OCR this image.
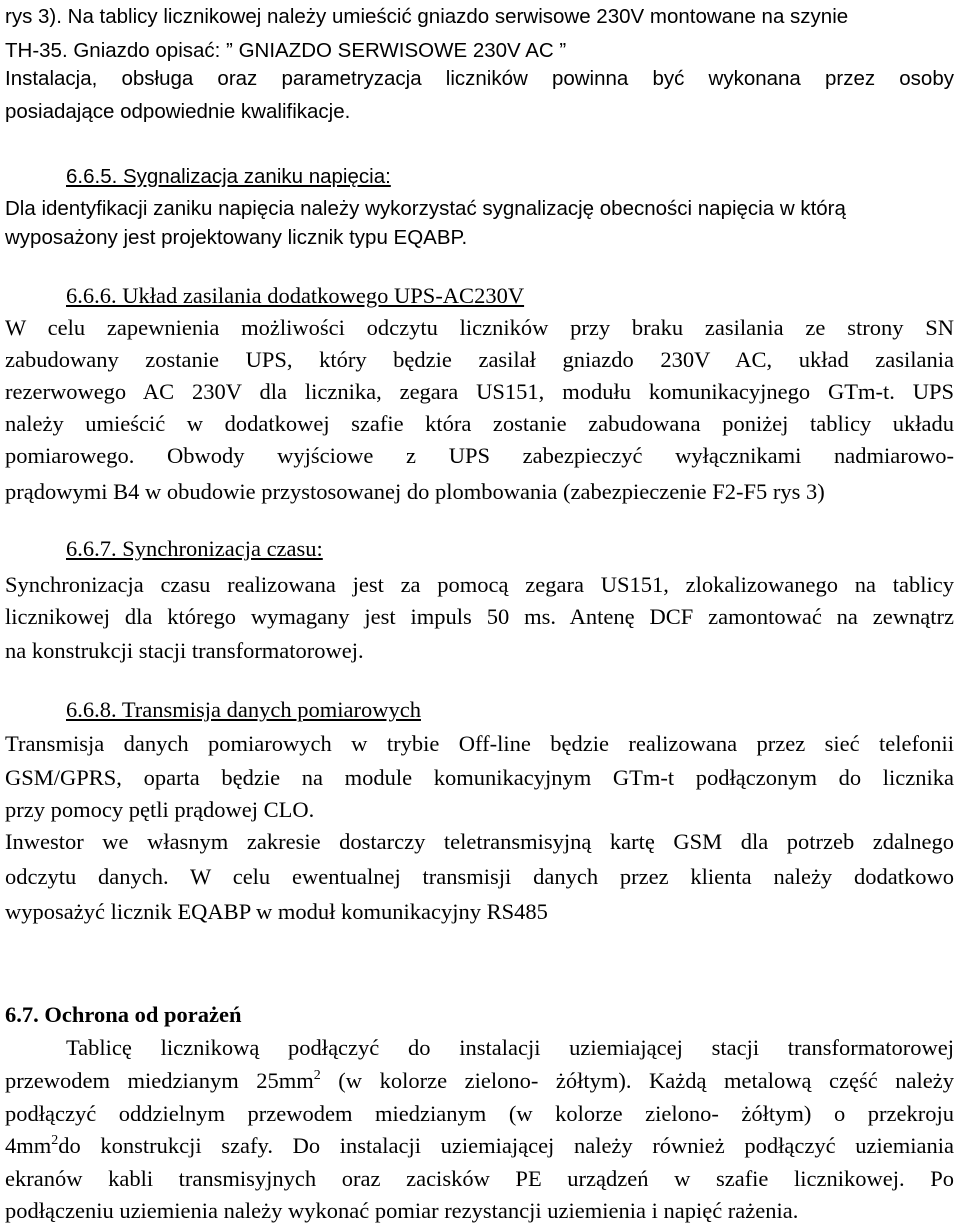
rys 3). Na tablicy licznikowej należy umieścić gniazdo serwisowe 230V montowane na szynie
TH-35. Gniazdo opisać: ” GNIAZDO SERWISOWE 230V AC ”
Instalacja, obsługa oraz parametryzacja liczników powinna być wykonana przez osoby
posiadające odpowiednie kwalifikacje.
6.6.5. Sygnalizacja zaniku napięcia:
Dla identyfikacji zaniku napięcia należy wykorzystać sygnalizację obecności napięcia w którą
wyposażony jest projektowany licznik typu EQABP.
6.6.6. Układ zasilania dodatkowego UPS-AC230V
W celu zapewnienia możliwości odczytu liczników przy braku zasilania ze strony SN
zabudowany zostanie UPS, który będzie zasilał gniazdo 230V AC, układ zasilania
rezerwowego AC 230V dla licznika, zegara US151, modułu komunikacyjnego GTm-t. UPS
należy umieścić w dodatkowej szafie która zostanie zabudowana poniżej tablicy układu
pomiarowego. Obwody wyjściowe z UPS zabezpieczyć wyłącznikami nadmiarowo-
prądowymi B4 w obudowie przystosowanej do plombowania (zabezpieczenie F2-F5 rys 3)
6.6.7. Synchronizacja czasu:
Synchronizacja czasu realizowana jest za pomocą zegara US151, zlokalizowanego na tablicy
licznikowej dla którego wymagany jest impuls 50 ms. Antenę DCF zamontować na zewnątrz
na konstrukcji stacji transformatorowej.
6.6.8. Transmisja danych pomiarowych
Transmisja danych pomiarowych w trybie Off-line będzie realizowana przez sieć telefonii
GSM/GPRS, oparta będzie na module komunikacyjnym GTm-t podłączonym do licznika
przy pomocy pętli prądowej CLO.
Inwestor we własnym zakresie dostarczy teletransmisyjną kartę GSM dla potrzeb zdalnego
odczytu danych. W celu ewentualnej transmisji danych przez klienta należy dodatkowo
wyposażyć licznik EQABP w moduł komunikacyjny RS485
6.7. Ochrona od porażeń
Tablicę licznikową podłączyć do instalacji uziemiającej stacji transformatorowej
przewodem miedzianym $25mm^2$ (w kolorze zielono- żółtym). Każdą metalową część należy
podłączyć oddzielnym przewodem miedzianym (w kolorze zielono- żółtym) o przekroju
$4mm^2do$ konstrukcji szafy. Do instalacji uziemiającej należy również podłączyć uziemiania
ekranów kabli transmisyjnych oraz zacisków PE urządzeń w szafie licznikowej. Po
podłączeniu uziemienia należy wykonać pomiar rezystancji uziemienia i napięć rażenia.
